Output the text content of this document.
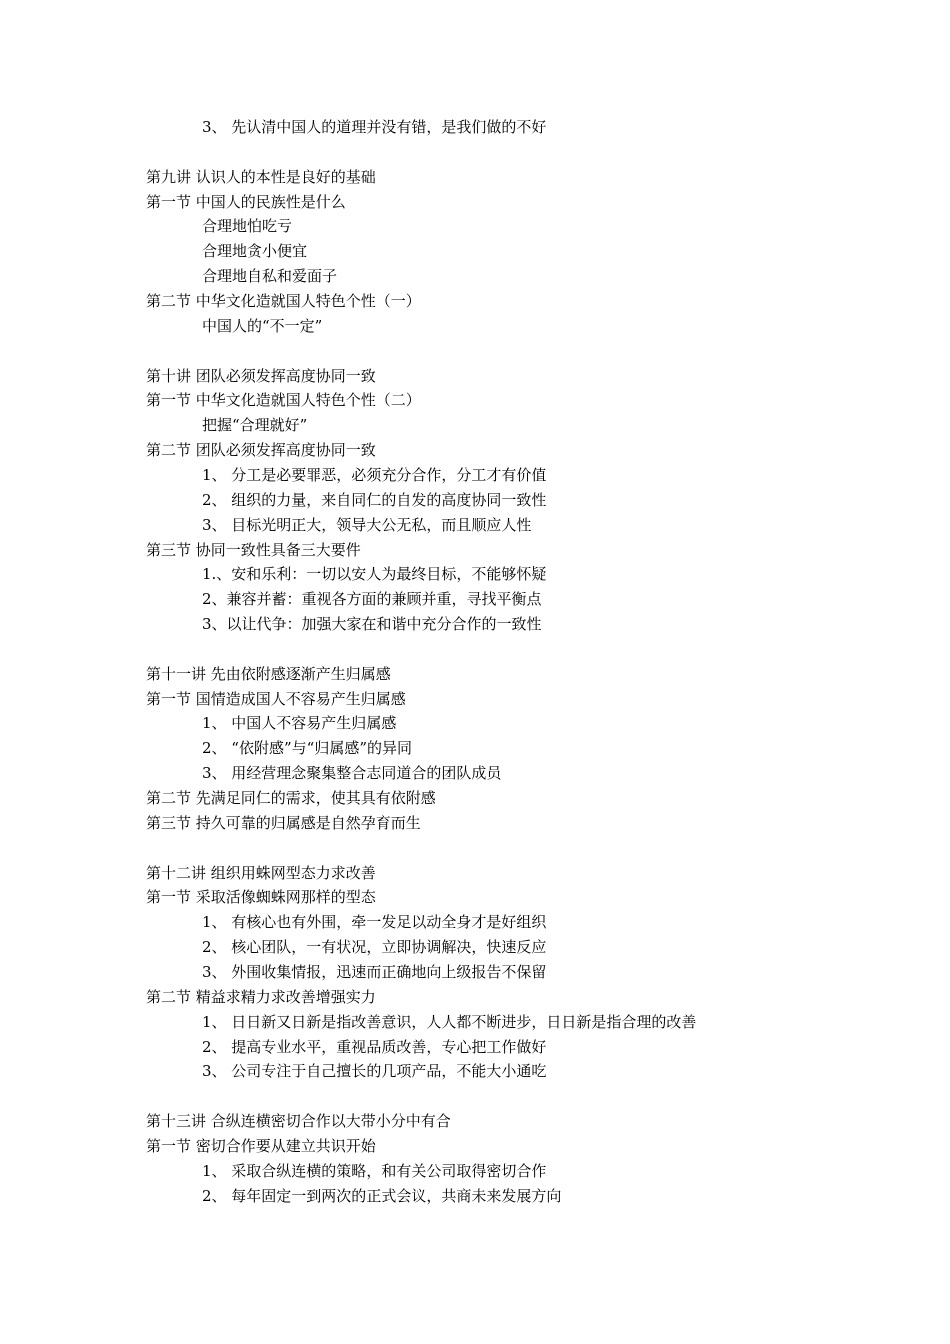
3、 先认清中国人的道理并没有错，是我们做的不好
第九讲 认识人的本性是良好的基础
第一节 中国人的民族性是什么
合理地怕吃亏
合理地贪小便宜
合理地自私和爱面子
第二节 中华文化造就国人特色个性（一）
中国人的“不一定”
第十讲 团队必须发挥高度协同一致
第一节 中华文化造就国人特色个性（二）
把握“合理就好”
第二节 团队必须发挥高度协同一致
1、 分工是必要罪恶，必须充分合作，分工才有价值
2、 组织的力量，来自同仁的自发的高度协同一致性
3、 目标光明正大，领导大公无私，而且顺应人性
第三节 协同一致性具备三大要件
1.、安和乐利：一切以安人为最终目标，不能够怀疑
2、兼容并蓄：重视各方面的兼顾并重，寻找平衡点
3、以让代争：加强大家在和谐中充分合作的一致性
第十一讲 先由依附感逐渐产生归属感
第一节 国情造成国人不容易产生归属感
1、 中国人不容易产生归属感
2、 “依附感”与“归属感”的异同
3、 用经营理念聚集整合志同道合的团队成员
第二节 先满足同仁的需求，使其具有依附感
第三节 持久可靠的归属感是自然孕育而生
第十二讲 组织用蛛网型态力求改善
第一节 采取活像蜘蛛网那样的型态
1、 有核心也有外围，牵一发足以动全身才是好组织
2、 核心团队，一有状况，立即协调解决，快速反应
3、 外围收集情报，迅速而正确地向上级报告不保留
第二节 精益求精力求改善增强实力
1、 日日新又日新是指改善意识，人人都不断进步，日日新是指合理的改善
2、 提高专业水平，重视品质改善，专心把工作做好
3、 公司专注于自己擅长的几项产品，不能大小通吃
第十三讲 合纵连横密切合作以大带小分中有合
第一节 密切合作要从建立共识开始
1、 采取合纵连横的策略，和有关公司取得密切合作
2、 每年固定一到两次的正式会议，共商未来发展方向
